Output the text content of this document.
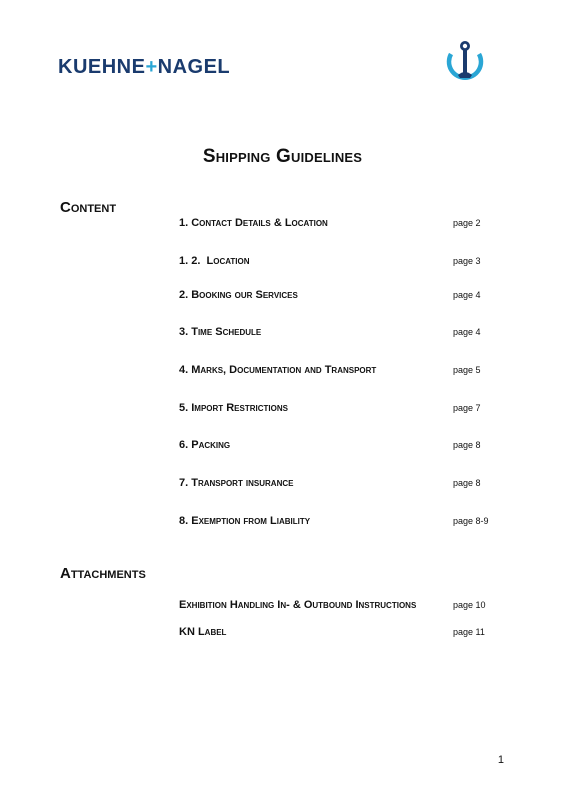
KUEHNE+NAGEL
Shipping Guidelines
Content
1. Contact Details & Location	page 2
1. 2.  Location	page 3
2. Booking our Services	page 4
3. Time Schedule	page 4
4. Marks, Documentation and Transport	page 5
5. Import Restrictions	page 7
6. Packing	page 8
7. Transport insurance	page 8
8. Exemption from Liability	page 8-9
Attachments
Exhibition Handling In- & Outbound Instructions	page 10
KN Label	page 11
1
